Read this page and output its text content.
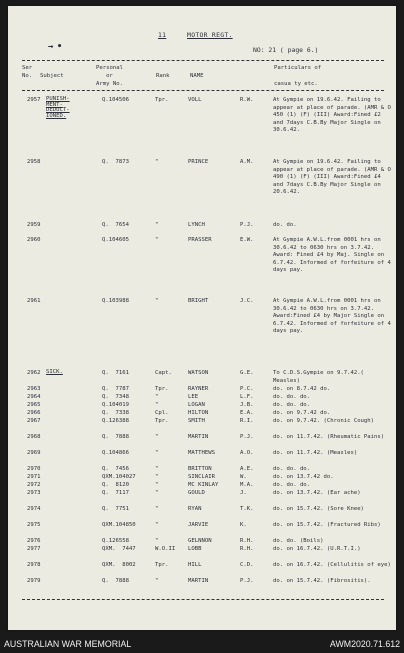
→ •
11	MOTOR REGT.
NO: 21 ( page 6.)
Ser
No. Subject
Personal
or
Army No.
Rank	NAME
Particulars of

casua ty etc.
2957 PUNISH-
MENT-
DEDUCT-
IONED.
Q.104506	Tpr.	VOLL	R.W.	At Gympie on 19.6.42. Failing to appear at place of parade. (AMR & O 450 (1) (F) (III) Award:Fined £2 and 7days C.B.By Major Single on 30.6.42.
2958	Q.  7873	"	PRINCE	A.M.	At Gympie on 19.6.42. Failing to appear at place of parade. (AMR & O 490 (1) (F) (III) Award:Fined £4 and 7days C.B.By Major Single on 20.6.42.
2959	Q.  7654	"	LYNCH	P.J.	do. do.
2960	Q.104605	"	PRASSER	E.W.	At Gympie A.W.L.from 0001 hrs on 30.6.42 to 0630 hrs on 3.7.42. Award: Fined £4 by Maj. Single on 6.7.42. Informed of forfeiture of 4 days pay.
2961	Q.103988	"	BRIGHT	J.C.	At Gympie A.W.L.from 0001 hrs on 30.6.42 to 0630 hrs on 3.7.42. Award:Fined £4 by Major Single on 6.7.42. Informed of forfeiture of 4 days pay.
2962 SICK.	Q.  7161	Capt.	WATSON	G.E.	To C.D.S.Gympie on 9.7.42.( Measles)
2963	Q.  7787	Tpr.	RAYNER	P.C.	do. on 8.7.42 do.
2964	Q.  7348	"	LEE	L.F.	do. do. do.
2965	Q.104019	"	LOGAN	J.B.	do. do. do.
2966	Q.  7338	Cpl.	HILTON	E.A.	do. on 9.7.42 do.
2967	Q.126388	Tpr.	SMITH	R.I.	do. on 9.7.42. (Chronic Cough)
2968	Q.  7888	"	MARTIN	P.J.	do. on 11.7.42. (Rheumatic Pains)
2969	Q.104866	"	MATTHEWS	A.O.	do. on 11.7.42. (Measles)
2970	Q.  7456	"	BRITTON	A.E.	do. do. do.
2971	QXM.104027	"	SINCLAIR	W.	do. on 13.7.42 do.
2972	Q.  8120	"	MC KINLAY	M.A.	do. do. do.
2973	Q.  7117	"	GOULD	J.	do. on 13.7.42. (Ear ache)
2974	Q.  7751	"	RYAN	T.K.	do. on 15.7.42. (Sore Knee)
2975	QXM.104850	"	JARVIE	K.	do. on 15.7.42. (Fractured Ribs)
2976	Q.126558	"	GELNNON	R.H.	do. do. (Boils)
2977	QXM.  7447	W.O.II LOBB	R.H.	do. on 16.7.42. (U.R.T.I.)
2978	QXM.  8002	Tpr.	HILL	C.D.	do. on 16.7.42. (Cellulitis of eye)
2979	Q.  7888	"	MARTIN	P.J.	do. on 15.7.42. (Fibrositis).
AUSTRALIAN WAR MEMORIAL	AWM2020.71.612
